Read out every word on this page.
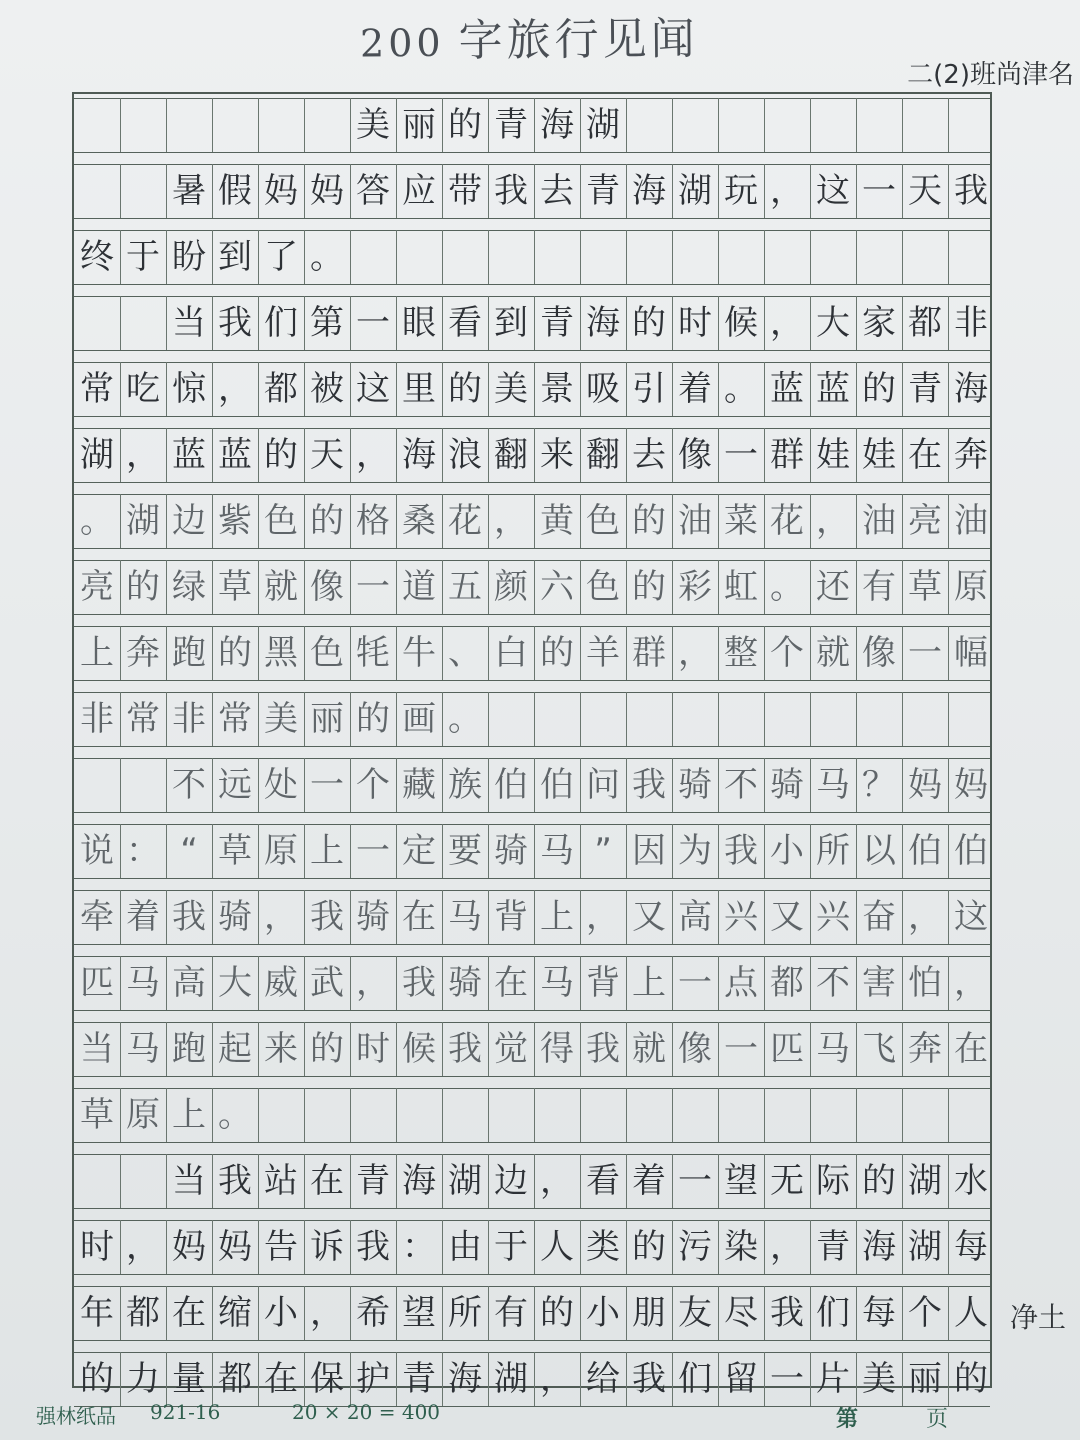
200 字旅行见闻
二(2)班尚津名

美 丽 的 青 海 湖

暑 假 妈 妈 答 应 带 我 去 青 海 湖 玩 ， 这 一 天 我
终 于 盼 到 了 。

当 我 们 第 一 眼 看 到 青 海 的 时 候 ， 大 家 都 非
常 吃 惊 ， 都 被 这 里 的 美 景 吸 引 着 。 蓝 蓝 的 青 海
湖 ， 蓝 蓝 的 天 ， 海 浪 翻 来 翻 去 像 一 群 娃 娃 在 奔
。 湖 边 紫 色 的 格 桑 花 ， 黄 色 的 油 菜 花 ， 油 亮 油
亮 的 绿 草 就 像 一 道 五 颜 六 色 的 彩 虹 。 还 有 草 原
上 奔 跑 的 黑 色 牦 牛 、 白 的 羊 群 ， 整 个 就 像 一 幅
非 常 非 常 美 丽 的 画 。

不 远 处 一 个 藏 族 伯 伯 问 我 骑 不 骑 马 ？ 妈 妈
说 ： “ 草 原 上 一 定 要 骑 马 ” 因 为 我 小 所 以 伯 伯
牵 着 我 骑 ， 我 骑 在 马 背 上 ， 又 高 兴 又 兴 奋 ， 这
匹 马 高 大 威 武 ， 我 骑 在 马 背 上 一 点 都 不 害 怕 ，
当 马 跑 起 来 的 时 候 我 觉 得 我 就 像 一 匹 马 飞 奔 在
草 原 上 。

当 我 站 在 青 海 湖 边 ， 看 着 一 望 无 际 的 湖 水
时 ， 妈 妈 告 诉 我 ： 由 于 人 类 的 污 染 ， 青 海 湖 每
年 都 在 缩 小 ， 希 望 所 有 的 小 朋 友 尽 我 们 每 个 人
的 力 量 都 在 保 护 青 海 湖 ， 给 我 们 留 一 片 美 丽 的
净土
强林纸品 921-16	20 × 20 = 400	第	页
